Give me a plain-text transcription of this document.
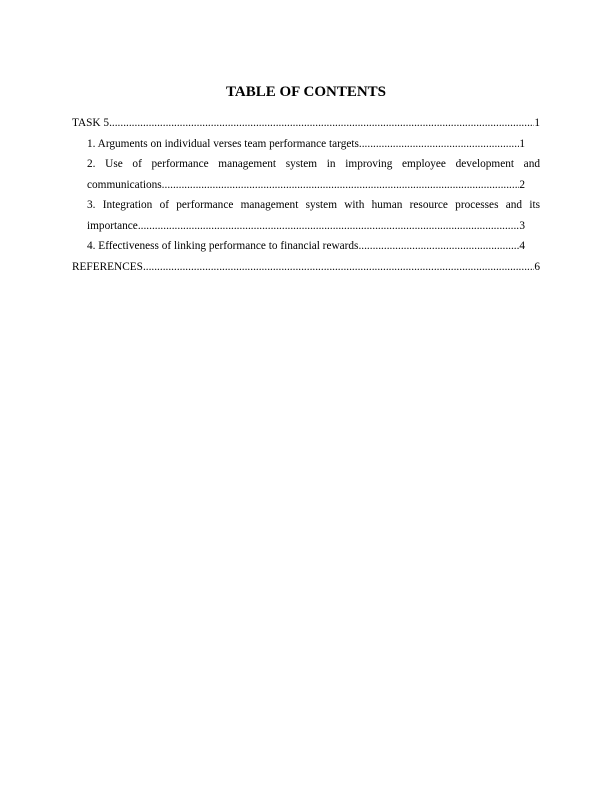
TABLE OF CONTENTS
TASK 5 .....	1
1. Arguments on individual verses team performance targets .....	1
2. Use of performance management system in improving employee development and
communications .....	2
3. Integration of performance management system with human resource processes and its
importance .....	3
4. Effectiveness of linking performance to financial rewards .....	4
REFERENCES .....	6
